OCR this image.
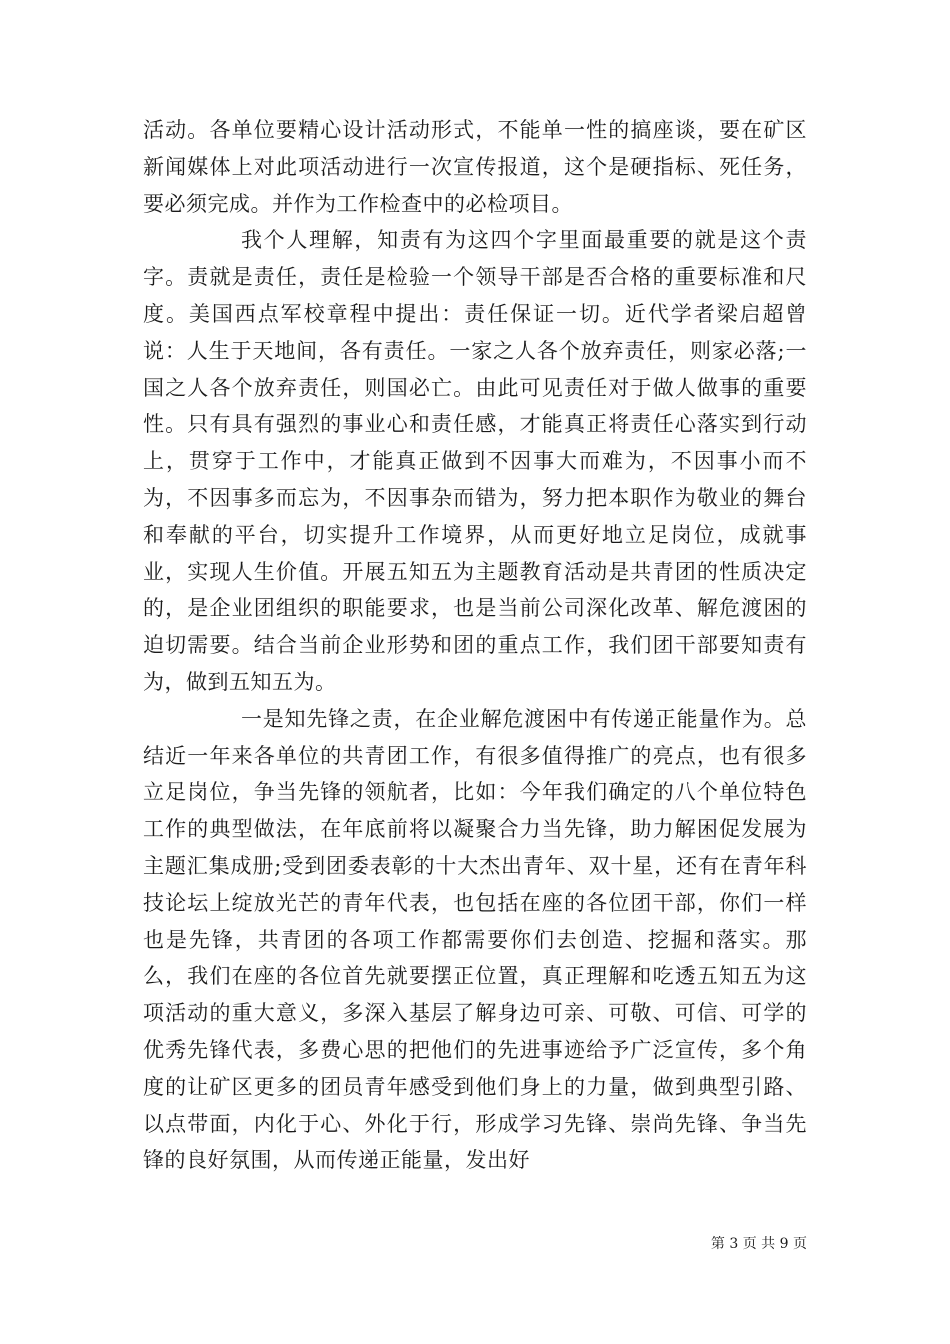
活动。各单位要精心设计活动形式，不能单一性的搞座谈，要在矿区新闻媒体上对此项活动进行一次宣传报道，这个是硬指标、死任务，要必须完成。并作为工作检查中的必检项目。

我个人理解，知责有为这四个字里面最重要的就是这个责字。责就是责任，责任是检验一个领导干部是否合格的重要标准和尺度。美国西点军校章程中提出：责任保证一切。近代学者梁启超曾说：人生于天地间，各有责任。一家之人各个放弃责任，则家必落;一国之人各个放弃责任，则国必亡。由此可见责任对于做人做事的重要性。只有具有强烈的事业心和责任感，才能真正将责任心落实到行动上，贯穿于工作中，才能真正做到不因事大而难为，不因事小而不为，不因事多而忘为，不因事杂而错为，努力把本职作为敬业的舞台和奉献的平台，切实提升工作境界，从而更好地立足岗位，成就事业，实现人生价值。开展五知五为主题教育活动是共青团的性质决定的，是企业团组织的职能要求，也是当前公司深化改革、解危渡困的迫切需要。结合当前企业形势和团的重点工作，我们团干部要知责有为，做到五知五为。

一是知先锋之责，在企业解危渡困中有传递正能量作为。总结近一年来各单位的共青团工作，有很多值得推广的亮点，也有很多立足岗位，争当先锋的领航者，比如：今年我们确定的八个单位特色工作的典型做法，在年底前将以凝聚合力当先锋，助力解困促发展为主题汇集成册;受到团委表彰的十大杰出青年、双十星，还有在青年科技论坛上绽放光芒的青年代表，也包括在座的各位团干部，你们一样也是先锋，共青团的各项工作都需要你们去创造、挖掘和落实。那么，我们在座的各位首先就要摆正位置，真正理解和吃透五知五为这项活动的重大意义，多深入基层了解身边可亲、可敬、可信、可学的优秀先锋代表，多费心思的把他们的先进事迹给予广泛宣传，多个角度的让矿区更多的团员青年感受到他们身上的力量，做到典型引路、以点带面，内化于心、外化于行，形成学习先锋、崇尚先锋、争当先锋的良好氛围，从而传递正能量，发出好

第 3 页 共 9 页
